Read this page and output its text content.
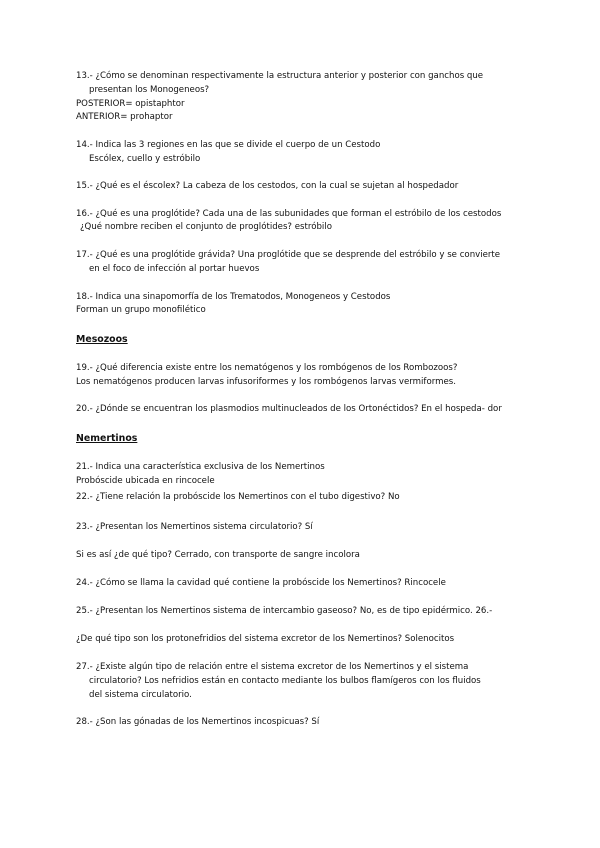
13.- ¿Cómo se denominan respectivamente la estructura anterior y posterior con ganchos que

presentan los Monogeneos?

POSTERIOR= opistaphtor

ANTERIOR= prohaptor

14.- Indica las 3 regiones en las que se divide el cuerpo de un Cestodo

Escólex, cuello y estróbilo

15.- ¿Qué es el éscolex? La cabeza de los cestodos, con la cual se sujetan al hospedador

16.- ¿Qué es una proglótide? Cada una de las subunidades que forman el estróbilo de los cestodos

¿Qué nombre reciben el conjunto de proglótides? estróbilo

17.- ¿Qué es una proglótide grávida? Una proglótide que se desprende del estróbilo y se convierte

en el foco de infección al portar huevos

18.- Indica una sinapomorfía de los Trematodos, Monogeneos y Cestodos

Forman un grupo monofilético

Mesozoos

19.- ¿Qué diferencia existe entre los nematógenos y los rombógenos de los Rombozoos?

Los nematógenos producen larvas infusoriformes y los rombógenos larvas vermiformes.

20.- ¿Dónde se encuentran los plasmodios multinucleados de los Ortonéctidos? En el hospeda- dor

Nemertinos

21.- Indica una característica exclusiva de los Nemertinos

Probóscide ubicada en rincocele

22.- ¿Tiene relación la probóscide los Nemertinos con el tubo digestivo? No

23.- ¿Presentan los Nemertinos sistema circulatorio? Sí

Si es así ¿de qué tipo? Cerrado, con transporte de sangre incolora

24.- ¿Cómo se llama la cavidad qué contiene la probóscide los Nemertinos? Rincocele

25.- ¿Presentan los Nemertinos sistema de intercambio gaseoso? No, es de tipo epidérmico. 26.-

¿De qué tipo son los protonefridios del sistema excretor de los Nemertinos? Solenocitos

27.- ¿Existe algún tipo de relación entre el sistema excretor de los Nemertinos y el sistema

circulatorio? Los nefridios están en contacto mediante los bulbos flamígeros con los fluidos

del sistema circulatorio.

28.- ¿Son las gónadas de los Nemertinos incospicuas? Sí
